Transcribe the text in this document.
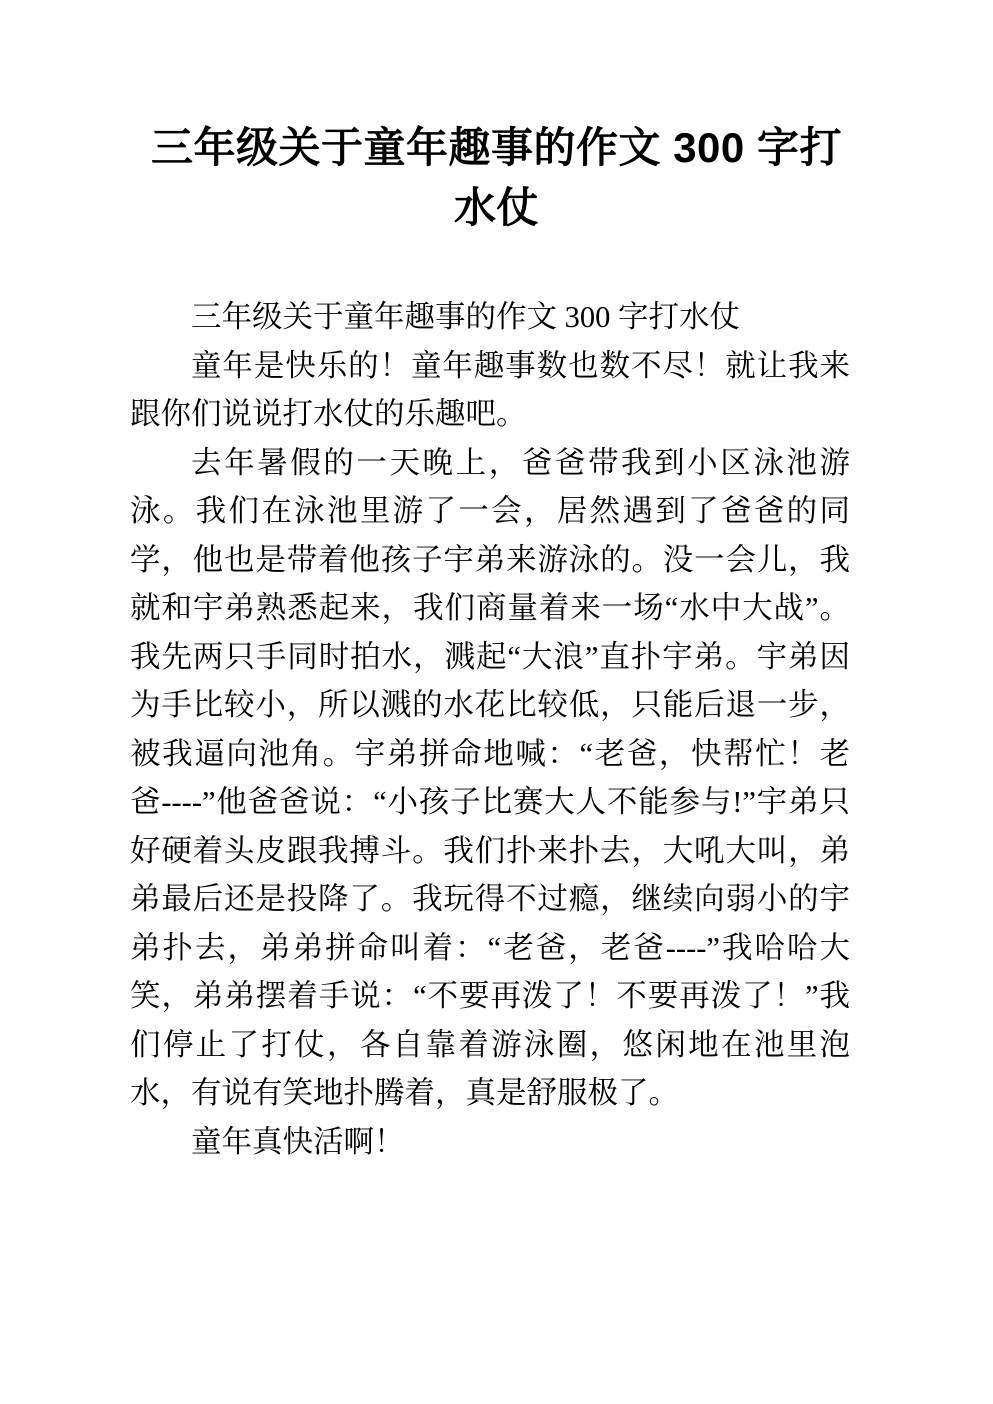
三年级关于童年趣事的作文 300 字打水仗

三年级关于童年趣事的作文 300 字打水仗

童年是快乐的！童年趣事数也数不尽！就让我来跟你们说说打水仗的乐趣吧。

去年暑假的一天晚上，爸爸带我到小区泳池游泳。我们在泳池里游了一会，居然遇到了爸爸的同学，他也是带着他孩子宇弟来游泳的。没一会儿，我就和宇弟熟悉起来，我们商量着来一场“水中大战”。我先两只手同时拍水，溅起“大浪”直扑宇弟。宇弟因为手比较小，所以溅的水花比较低，只能后退一步，被我逼向池角。宇弟拼命地喊：“老爸，快帮忙！老爸----”他爸爸说：“小孩子比赛大人不能参与!”宇弟只好硬着头皮跟我搏斗。我们扑来扑去，大吼大叫，弟弟最后还是投降了。我玩得不过瘾，继续向弱小的宇弟扑去，弟弟拼命叫着：“老爸，老爸----”我哈哈大笑，弟弟摆着手说：“不要再泼了！不要再泼了！”我们停止了打仗，各自靠着游泳圈，悠闲地在池里泡水，有说有笑地扑腾着，真是舒服极了。

童年真快活啊！
